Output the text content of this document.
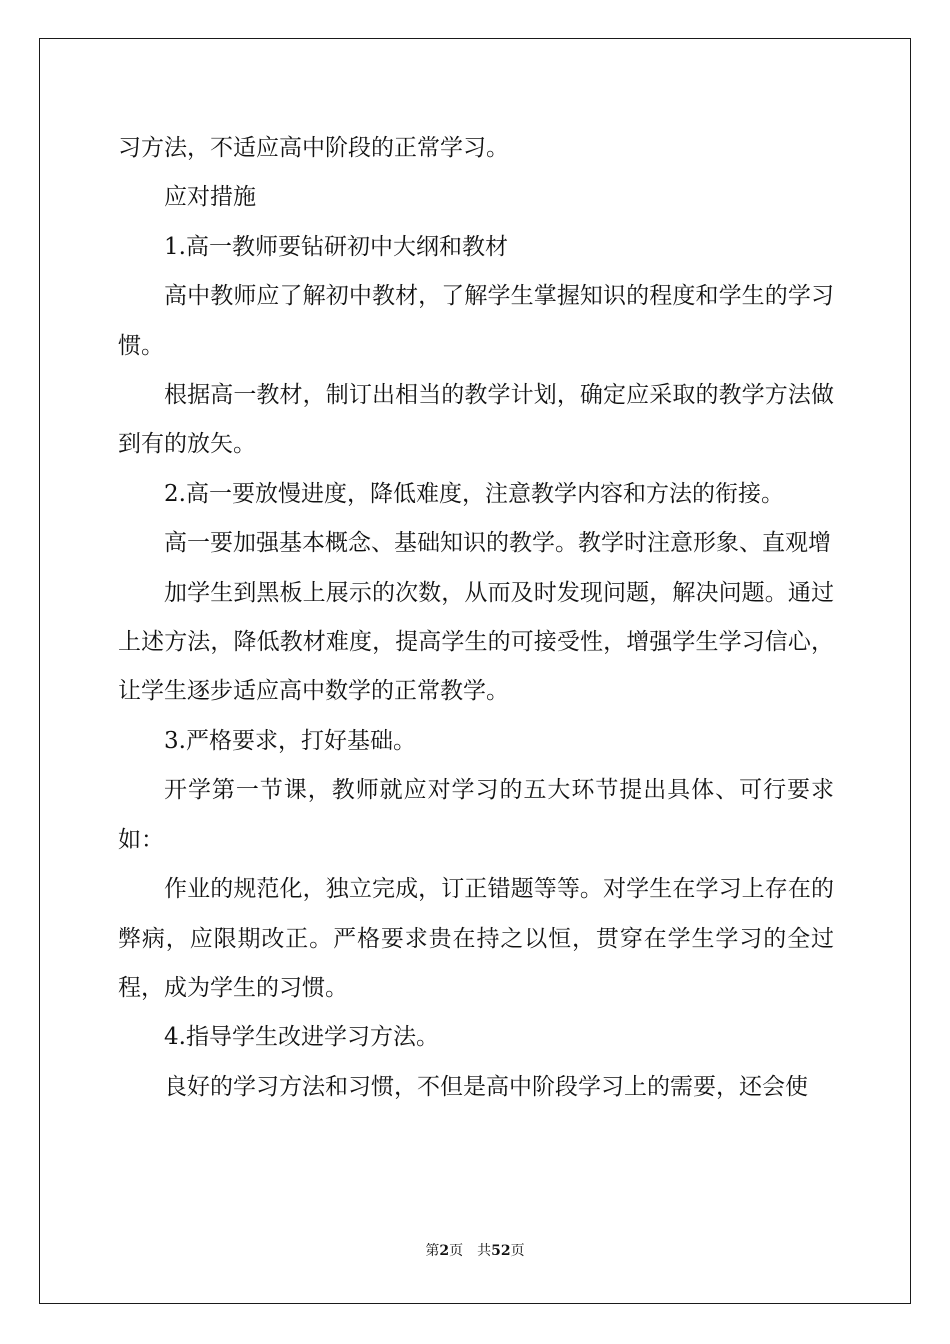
习方法，不适应高中阶段的正常学习。

应对措施

1.高一教师要钻研初中大纲和教材

高中教师应了解初中教材，了解学生掌握知识的程度和学生的学习惯。

根据高一教材，制订出相当的教学计划，确定应采取的教学方法做到有的放矢。

2.高一要放慢进度，降低难度，注意教学内容和方法的衔接。

高一要加强基本概念、基础知识的教学。教学时注意形象、直观增

加学生到黑板上展示的次数，从而及时发现问题，解决问题。通过上述方法，降低教材难度，提高学生的可接受性，增强学生学习信心，让学生逐步适应高中数学的正常教学。

3.严格要求，打好基础。

开学第一节课，教师就应对学习的五大环节提出具体、可行要求如：

作业的规范化，独立完成，订正错题等等。对学生在学习上存在的弊病，应限期改正。严格要求贵在持之以恒，贯穿在学生学习的全过程，成为学生的习惯。

4.指导学生改进学习方法。

良好的学习方法和习惯，不但是高中阶段学习上的需要，还会使

第2页 共52页
